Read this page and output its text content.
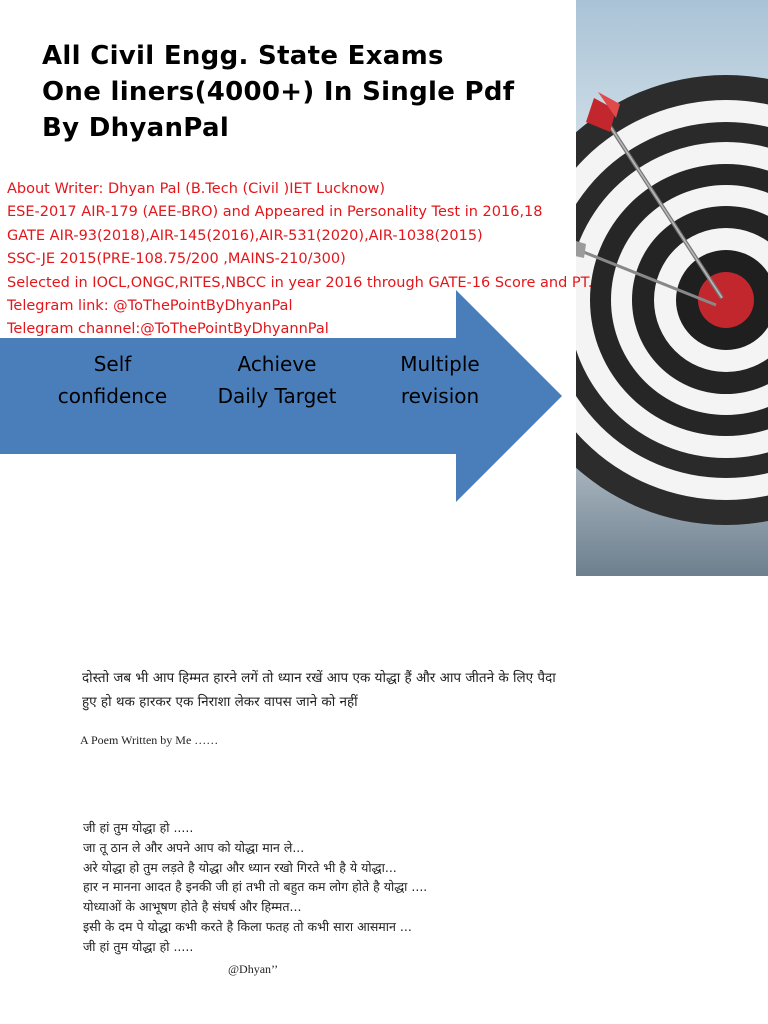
All Civil Engg. State Exams
One liners(4000+) In Single Pdf
By DhyanPal
Self
confidence
Achieve
Daily Target
Multiple
revision
About Writer: Dhyan Pal (B.Tech (Civil )IET Lucknow)
ESE-2017 AIR-179 (AEE-BRO) and Appeared in Personality Test in 2016,18
GATE AIR-93(2018),AIR-145(2016),AIR-531(2020),AIR-1038(2015)
SSC-JE 2015(PRE-108.75/200 ,MAINS-210/300)
Selected in IOCL,ONGC,RITES,NBCC in year 2016 through GATE-16 Score and PT.
Telegram link: @ToThePointByDhyanPal
Telegram channel:@ToThePointByDhyannPal
दोस्तो जब भी आप हिम्मत हारने लगें तो ध्यान रखें आप एक योद्धा हैं और आप जीतने के लिए पैदा
हुए हो थक हारकर एक निराशा लेकर वापस जाने को नहीं
A Poem Written by Me ……
जी हां तुम योद्धा हो .....
जा तू ठान ले और अपने आप को योद्धा मान ले...
अरे योद्धा हो तुम लड़ते है योद्धा और ध्यान रखो गिरते भी है ये योद्धा...
हार न मानना आदत है इनकी जी हां तभी तो बहुत कम लोग होते है योद्धा ....
योध्याओं के आभूषण होते है संघर्ष और हिम्मत...
इसी के दम पे योद्धा कभी करते है किला फतह तो कभी सारा आसमान ...
जी हां तुम योद्धा हो .....
@Dhyan’’
